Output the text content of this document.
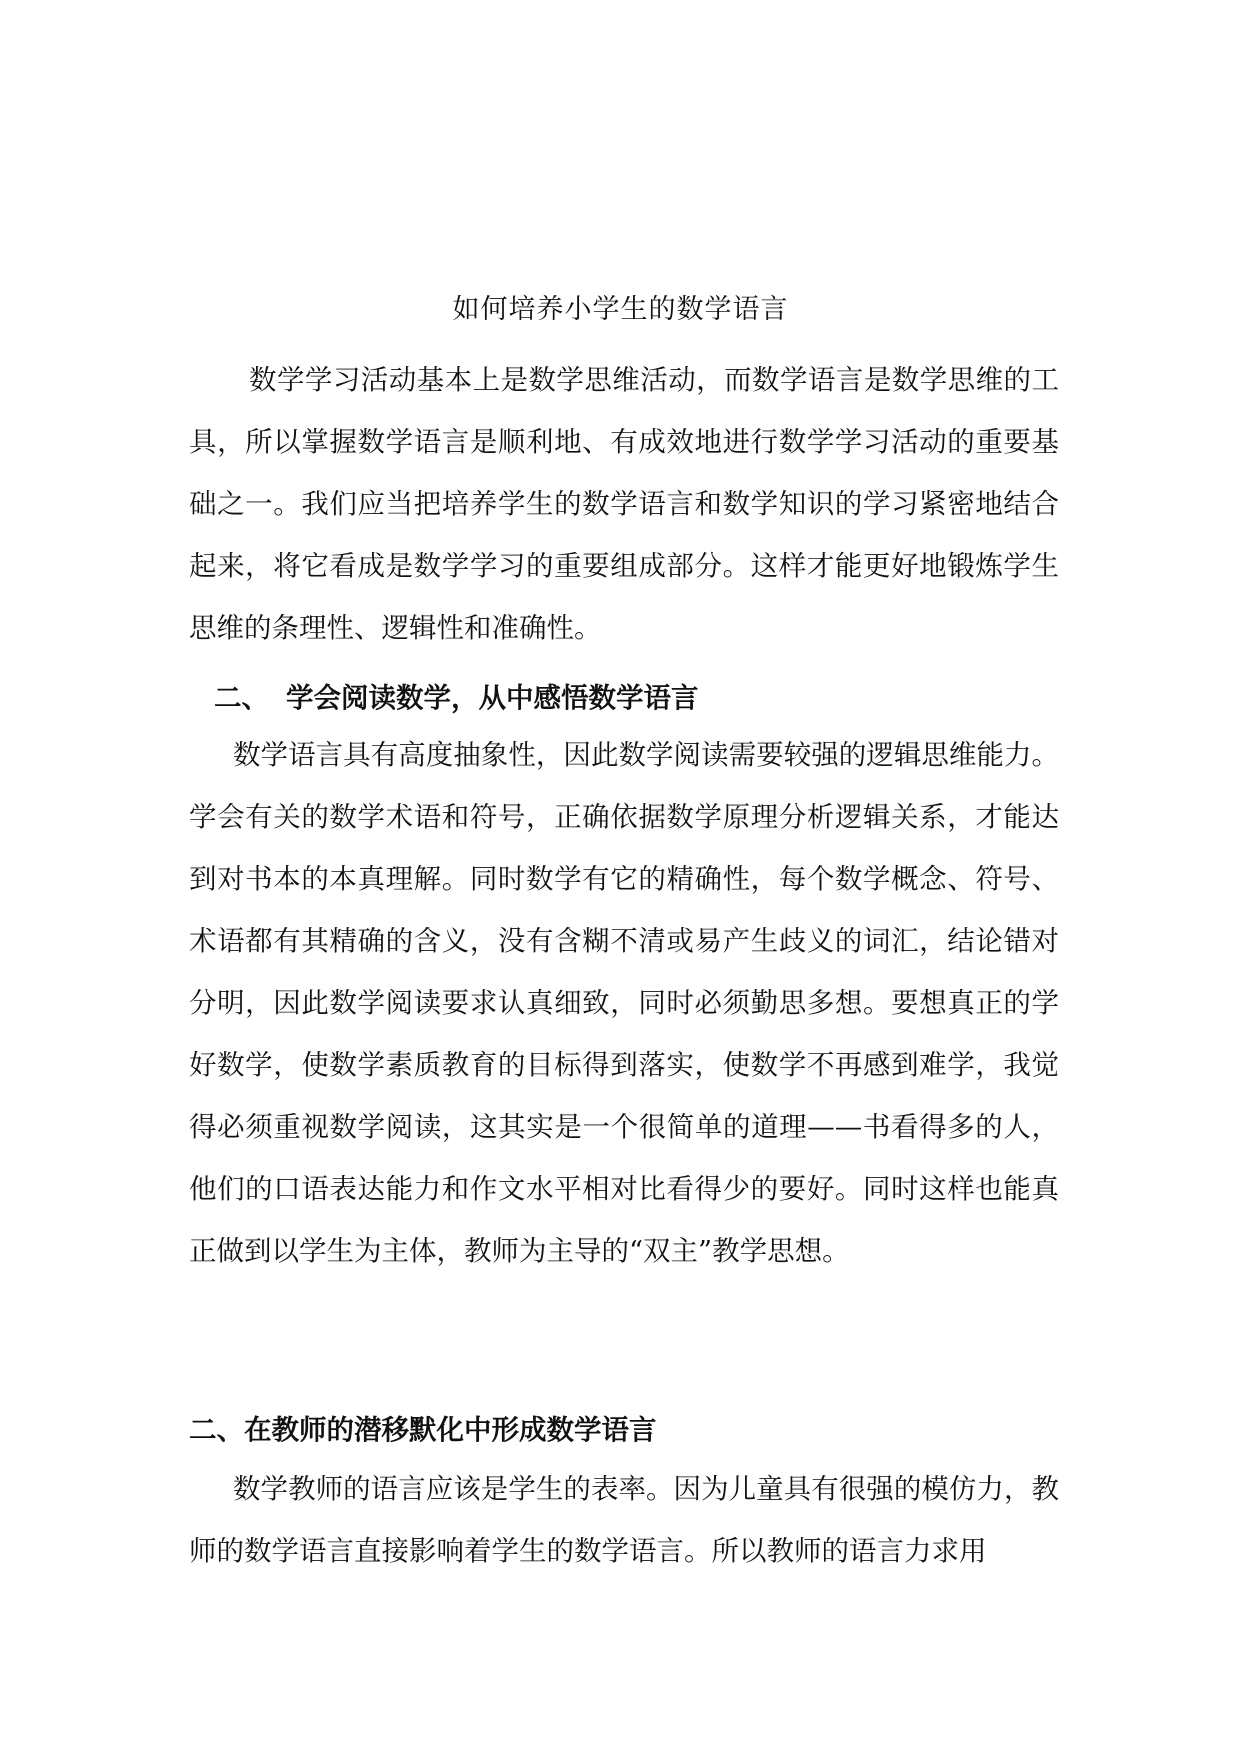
如何培养小学生的数学语言

数学学习活动基本上是数学思维活动，而数学语言是数学思维的工具，所以掌握数学语言是顺利地、有成效地进行数学学习活动的重要基础之一。我们应当把培养学生的数学语言和数学知识的学习紧密地结合起来，将它看成是数学学习的重要组成部分。这样才能更好地锻炼学生思维的条理性、逻辑性和准确性。

二、 学会阅读数学，从中感悟数学语言

数学语言具有高度抽象性，因此数学阅读需要较强的逻辑思维能力。学会有关的数学术语和符号，正确依据数学原理分析逻辑关系，才能达到对书本的本真理解。同时数学有它的精确性，每个数学概念、符号、术语都有其精确的含义，没有含糊不清或易产生歧义的词汇，结论错对分明，因此数学阅读要求认真细致，同时必须勤思多想。要想真正的学好数学，使数学素质教育的目标得到落实，使数学不再感到难学，我觉得必须重视数学阅读，这其实是一个很简单的道理——书看得多的人，他们的口语表达能力和作文水平相对比看得少的要好。同时这样也能真正做到以学生为主体，教师为主导的“双主”教学思想。

二、在教师的潜移默化中形成数学语言

数学教师的语言应该是学生的表率。因为儿童具有很强的模仿力，教师的数学语言直接影响着学生的数学语言。所以教师的语言力求用
